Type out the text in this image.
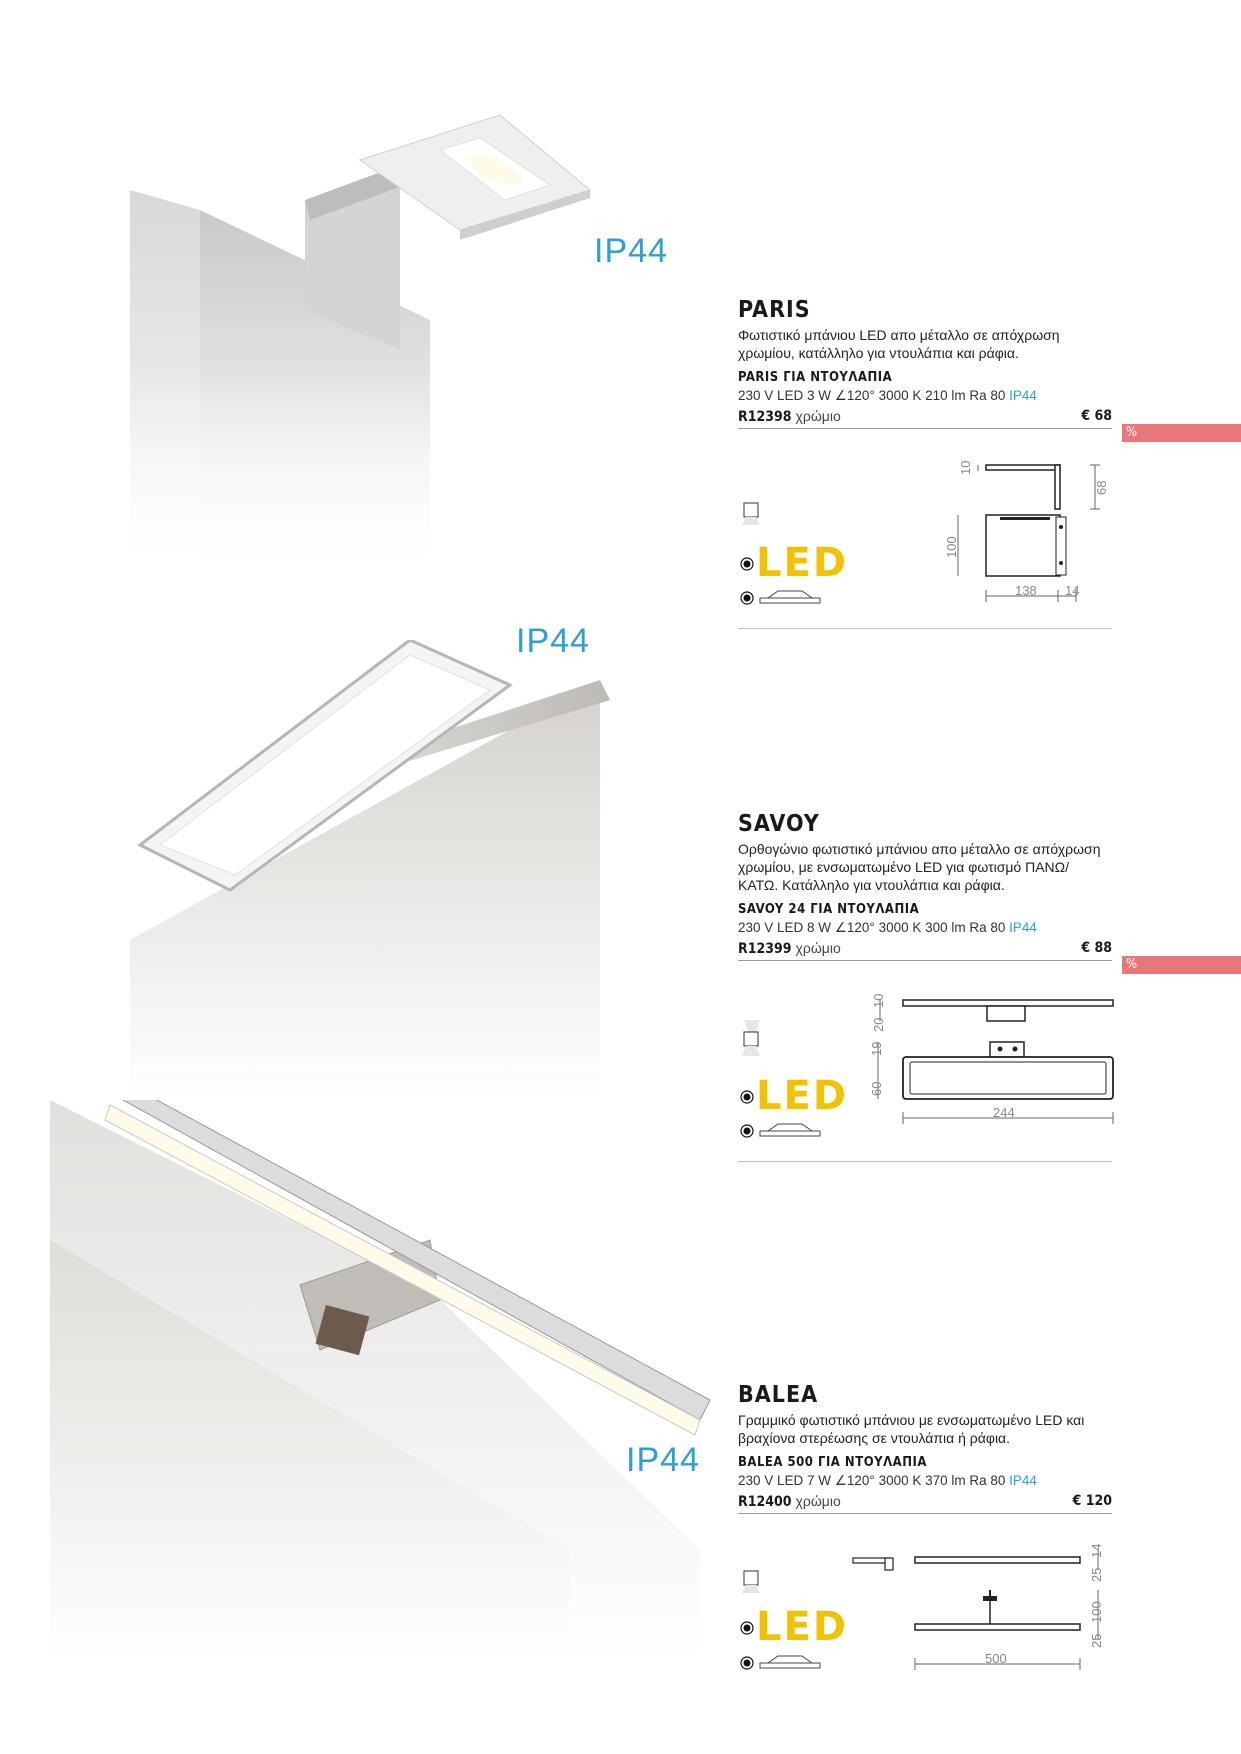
IP44
IP44
IP44
PARIS
Φωτιστικό μπάνιου LED απο μέταλλο σε απόχρωση χρωμίου, κατάλληλο για ντουλάπια και ράφια.
PARIS ΓΙΑ ΝΤΟΥΛΑΠΙΑ
230 V LED 3 W ∠120° 3000 K 210 lm Ra 80 IP44
R12398 χρώμιο	€ 68
%
LED
10
68
100
138 14
SAVOY
Ορθογώνιο φωτιστικό μπάνιου απο μέταλλο σε απόχρωση χρωμίου, με ενσωματωμένο LED για φωτισμό ΠΑΝΩ/ ΚΑΤΩ. Κατάλληλο για ντουλάπια και ράφια.
SAVOY 24 ΓΙΑ ΝΤΟΥΛΑΠΙΑ
230 V LED 8 W ∠120° 3000 K 300 lm Ra 80 IP44
R12399 χρώμιο	€ 88
%
LED
20
10
60
19
244
BALEA
Γραμμικό φωτιστικό μπάνιου με ενσωματωμένο LED και βραχίονα στερέωσης σε ντουλάπια ή ράφια.
BALEA 500 ΓΙΑ ΝΤΟΥΛΑΠΙΑ
230 V LED 7 W ∠120° 3000 K 370 lm Ra 80 IP44
R12400 χρώμιο	€ 120
LED
25
14
25
100
500
